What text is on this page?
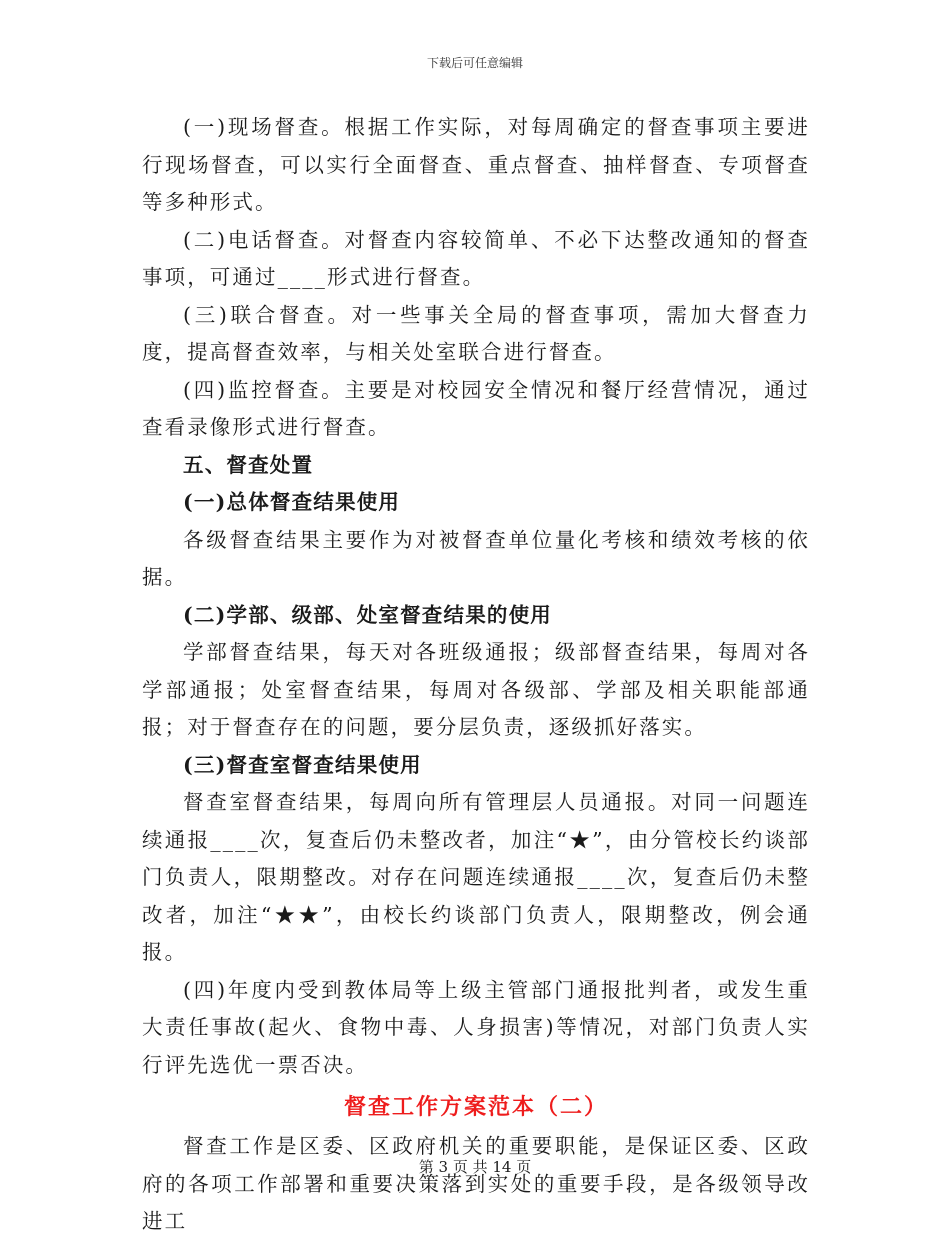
下载后可任意编辑

(一)现场督查。根据工作实际，对每周确定的督查事项主要进行现场督查，可以实行全面督查、重点督查、抽样督查、专项督查等多种形式。

(二)电话督查。对督查内容较简单、不必下达整改通知的督查事项，可通过____形式进行督查。

(三)联合督查。对一些事关全局的督查事项，需加大督查力度，提高督查效率，与相关处室联合进行督查。

(四)监控督查。主要是对校园安全情况和餐厅经营情况，通过查看录像形式进行督查。

五、督查处置

(一)总体督查结果使用

各级督查结果主要作为对被督查单位量化考核和绩效考核的依据。

(二)学部、级部、处室督查结果的使用

学部督查结果，每天对各班级通报；级部督查结果，每周对各学部通报；处室督查结果，每周对各级部、学部及相关职能部通报；对于督查存在的问题，要分层负责，逐级抓好落实。

(三)督查室督查结果使用

督查室督查结果，每周向所有管理层人员通报。对同一问题连续通报____次，复查后仍未整改者，加注“★”，由分管校长约谈部门负责人，限期整改。对存在问题连续通报____次，复查后仍未整改者，加注“★★”，由校长约谈部门负责人，限期整改，例会通报。

(四)年度内受到教体局等上级主管部门通报批判者，或发生重大责任事故(起火、食物中毒、人身损害)等情况，对部门负责人实行评先选优一票否决。

督查工作方案范本（二）

督查工作是区委、区政府机关的重要职能，是保证区委、区政府的各项工作部署和重要决策落到实处的重要手段，是各级领导改进工

第 3 页 共 14 页
